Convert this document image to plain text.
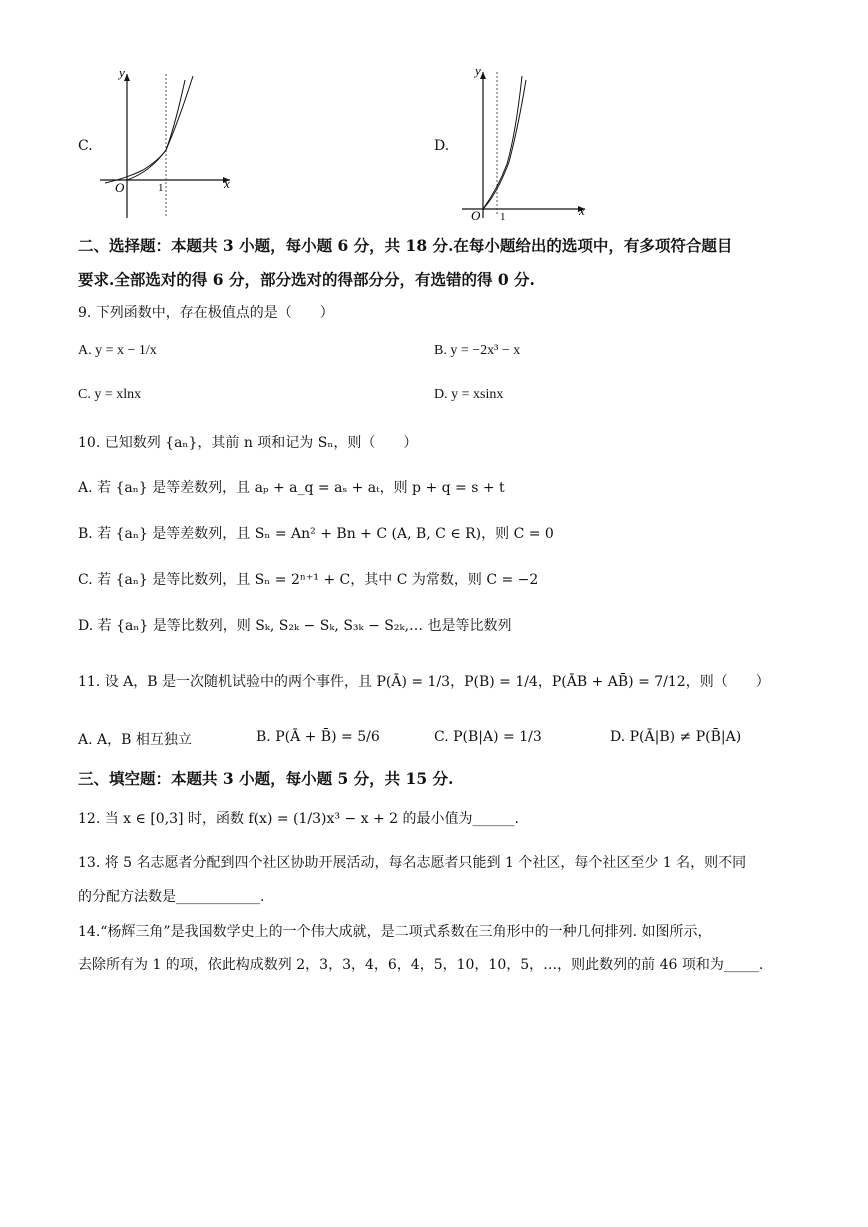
C.
y
x
O	1
D.
y
x
O 1
二、选择题：本题共 3 小题，每小题 6 分，共 18 分.在每小题给出的选项中，有多项符合题目
要求.全部选对的得 6 分，部分选对的得部分分，有选错的得 0 分.
9. 下列函数中，存在极值点的是（　　）
A. y = x − 1/x	B. y = −2x³ − x
C. y = xlnx	D. y = xsinx
10. 已知数列 {aₙ}，其前 n 项和记为 Sₙ，则（　　）
A. 若 {aₙ} 是等差数列，且 aₚ + a_q = aₛ + aₜ，则 p + q = s + t
B. 若 {aₙ} 是等差数列，且 Sₙ = An² + Bn + C (A, B, C ∈ R)，则 C = 0
C. 若 {aₙ} 是等比数列，且 Sₙ = 2ⁿ⁺¹ + C，其中 C 为常数，则 C = −2
D. 若 {aₙ} 是等比数列，则 Sₖ, S₂ₖ − Sₖ, S₃ₖ − S₂ₖ,… 也是等比数列
11. 设 A，B 是一次随机试验中的两个事件，且 P(Ā) = 1/3，P(B) = 1/4，P(ĀB + AB̄) = 7/12，则（　　）
A. A，B 相互独立	B. P(Ā + B̄) = 5/6	C. P(B|A) = 1/3	D. P(Ā|B) ≠ P(B̄|A)
三、填空题：本题共 3 小题，每小题 5 分，共 15 分.
12. 当 x ∈ [0,3] 时，函数 f(x) = (1/3)x³ − x + 2 的最小值为______.
13. 将 5 名志愿者分配到四个社区协助开展活动，每名志愿者只能到 1 个社区，每个社区至少 1 名，则不同
的分配方法数是____________.
14.“杨辉三角”是我国数学史上的一个伟大成就，是二项式系数在三角形中的一种几何排列. 如图所示，
去除所有为 1 的项，依此构成数列 2，3，3，4，6，4，5，10，10，5，…，则此数列的前 46 项和为_____.
